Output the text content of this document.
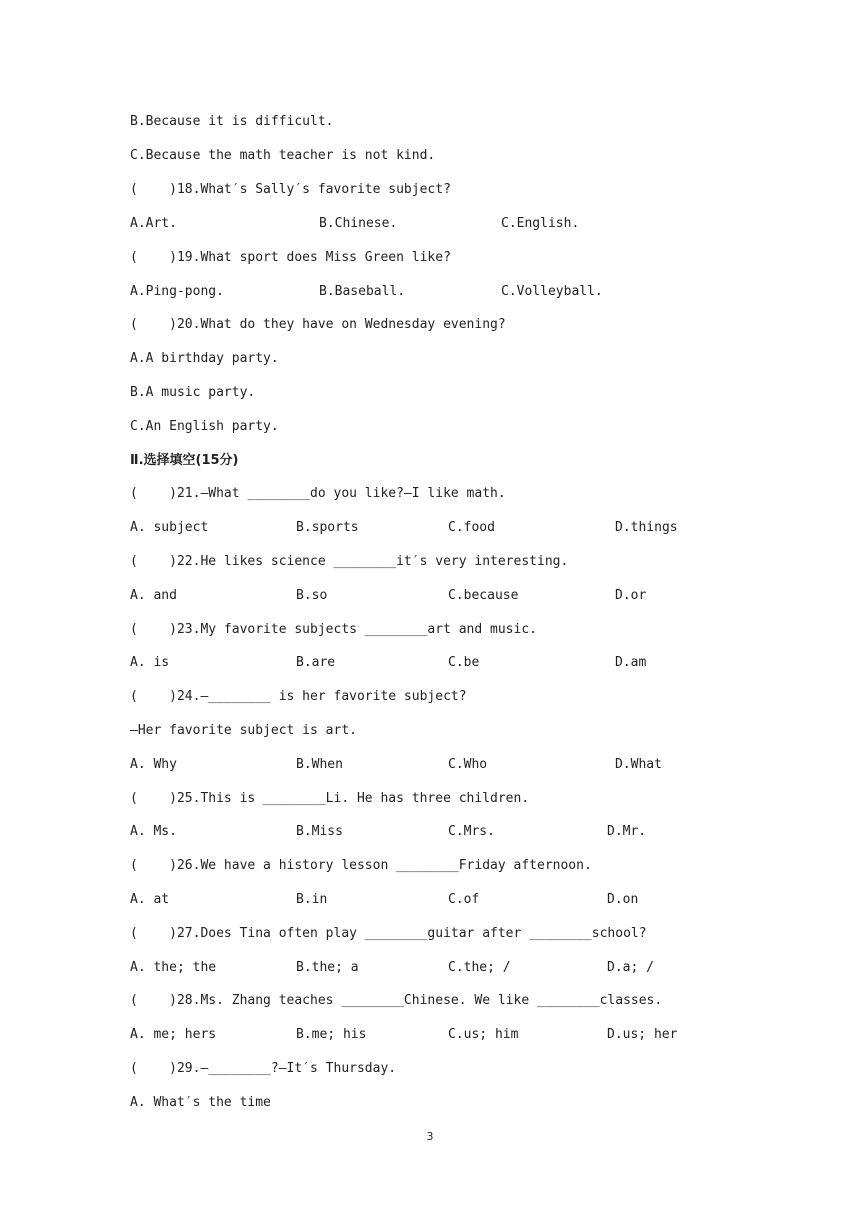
B.Because it is difficult.
C.Because the math teacher is not kind.
(    )18.What′s Sally′s favorite subject?
A.Art.	B.Chinese.	C.English.
(    )19.What sport does Miss Green like?
A.Ping-pong.	B.Baseball.	C.Volleyball.
(    )20.What do they have on Wednesday evening?
A.A birthday party.
B.A music party.
C.An English party.
Ⅱ.选择填空(15分)
(    )21.—What ________do you like?—I like math.
A. subject	B.sports	C.food	D.things
(    )22.He likes science ________it′s very interesting.
A. and	B.so	C.because	D.or
(    )23.My favorite subjects ________art and music.
A. is	B.are	C.be	D.am
(    )24.—________ is her favorite subject?
—Her favorite subject is art.
A. Why	B.When	C.Who	D.What
(    )25.This is ________Li. He has three children.
A. Ms.	B.Miss	C.Mrs.	D.Mr.
(    )26.We have a history lesson ________Friday afternoon.
A. at	B.in	C.of	D.on
(    )27.Does Tina often play ________guitar after ________school?
A. the; the	B.the; a	C.the; /	D.a; /
(    )28.Ms. Zhang teaches ________Chinese. We like ________classes.
A. me; hers	B.me; his	C.us; him	D.us; her
(    )29.—________?—It′s Thursday.
A. What′s the time
3
